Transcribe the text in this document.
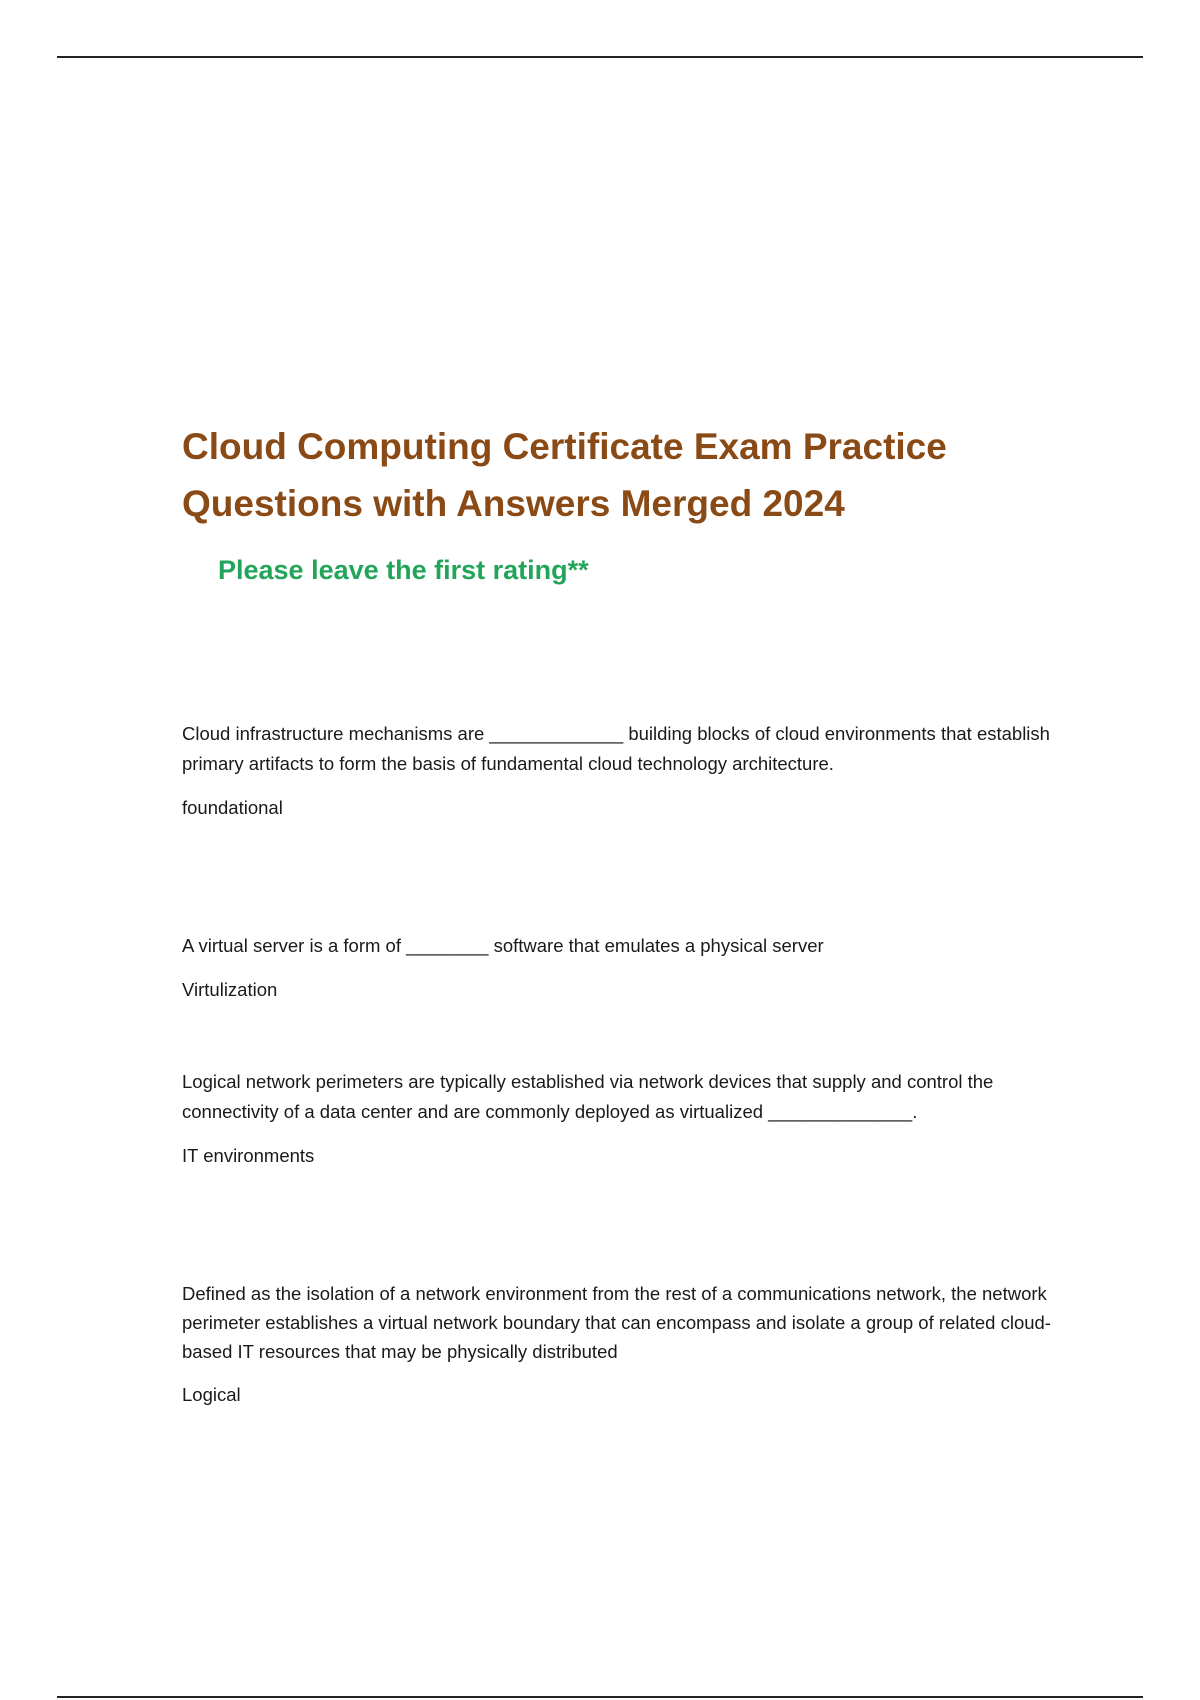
Cloud Computing Certificate Exam Practice
Questions with Answers Merged 2024

Please leave the first rating**

Cloud infrastructure mechanisms are _____________ building blocks of cloud environments that establish primary artifacts to form the basis of fundamental cloud technology architecture.

foundational

A virtual server is a form of ________ software that emulates a physical server

Virtulization

Logical network perimeters are typically established via network devices that supply and control the connectivity of a data center and are commonly deployed as virtualized ______________.

IT environments

Defined as the isolation of a network environment from the rest of a communications network, the network perimeter establishes a virtual network boundary that can encompass and isolate a group of related cloud-based IT resources that may be physically distributed

Logical
